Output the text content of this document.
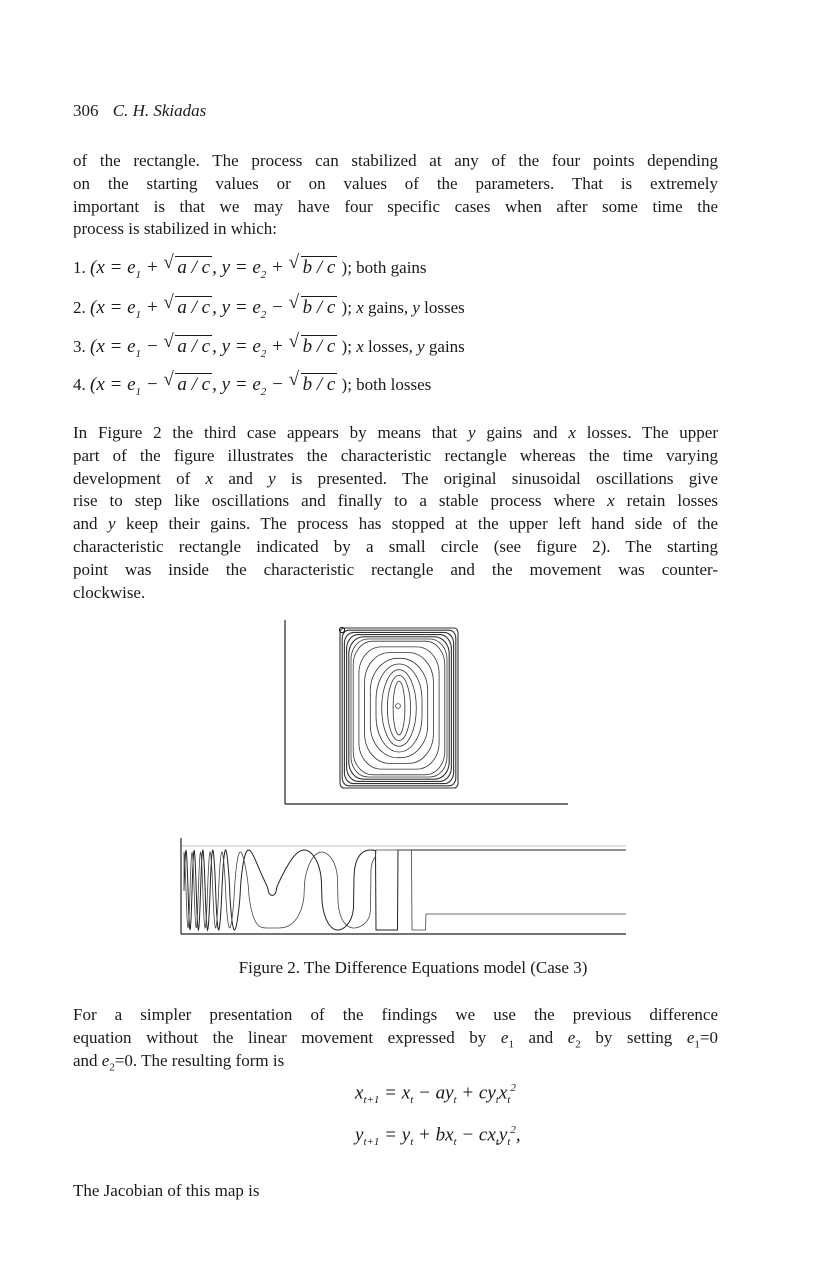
306 C. H. Skiadas
of the rectangle. The process can stabilized at any of the four points depending
on the starting values or on values of the parameters. That is extremely
important is that we may have four specific cases when after some time the
process is stabilized in which:
1. ($x = e_1$ + √ a / c , $y = e_2$ + √ b / c ); both gains
2. ($x = e_1$ + √ a / c , $y = e_2$ − √ b / c ); x gains, y losses
3. ($x = e_1$ − √ a / c , $y = e_2$ + √ b / c ); x losses, y gains
4. ($x = e_1$ − √ a / c , $y = e_2$ − √ b / c ); both losses
In Figure 2 the third case appears by means that y gains and x losses. The upper
part of the figure illustrates the characteristic rectangle whereas the time varying
development of x and y is presented. The original sinusoidal oscillations give
rise to step like oscillations and finally to a stable process where x retain losses
and y keep their gains. The process has stopped at the upper left hand side of the
characteristic rectangle indicated by a small circle (see figure 2). The starting
point was inside the characteristic rectangle and the movement was counter-
clockwise.
Figure 2. The Difference Equations model (Case 3)
For a simpler presentation of the findings we use the previous difference
equation without the linear movement expressed by $e_1$ and $e_2$ by setting $e_1=0$
and $e_2=0$. The resulting form is
$x_{t+1} = x_t - ay_t + cy_tx_t^2$
$y_{t+1} = y_t + bx_t - cx_ty_t^2$,
The Jacobian of this map is
